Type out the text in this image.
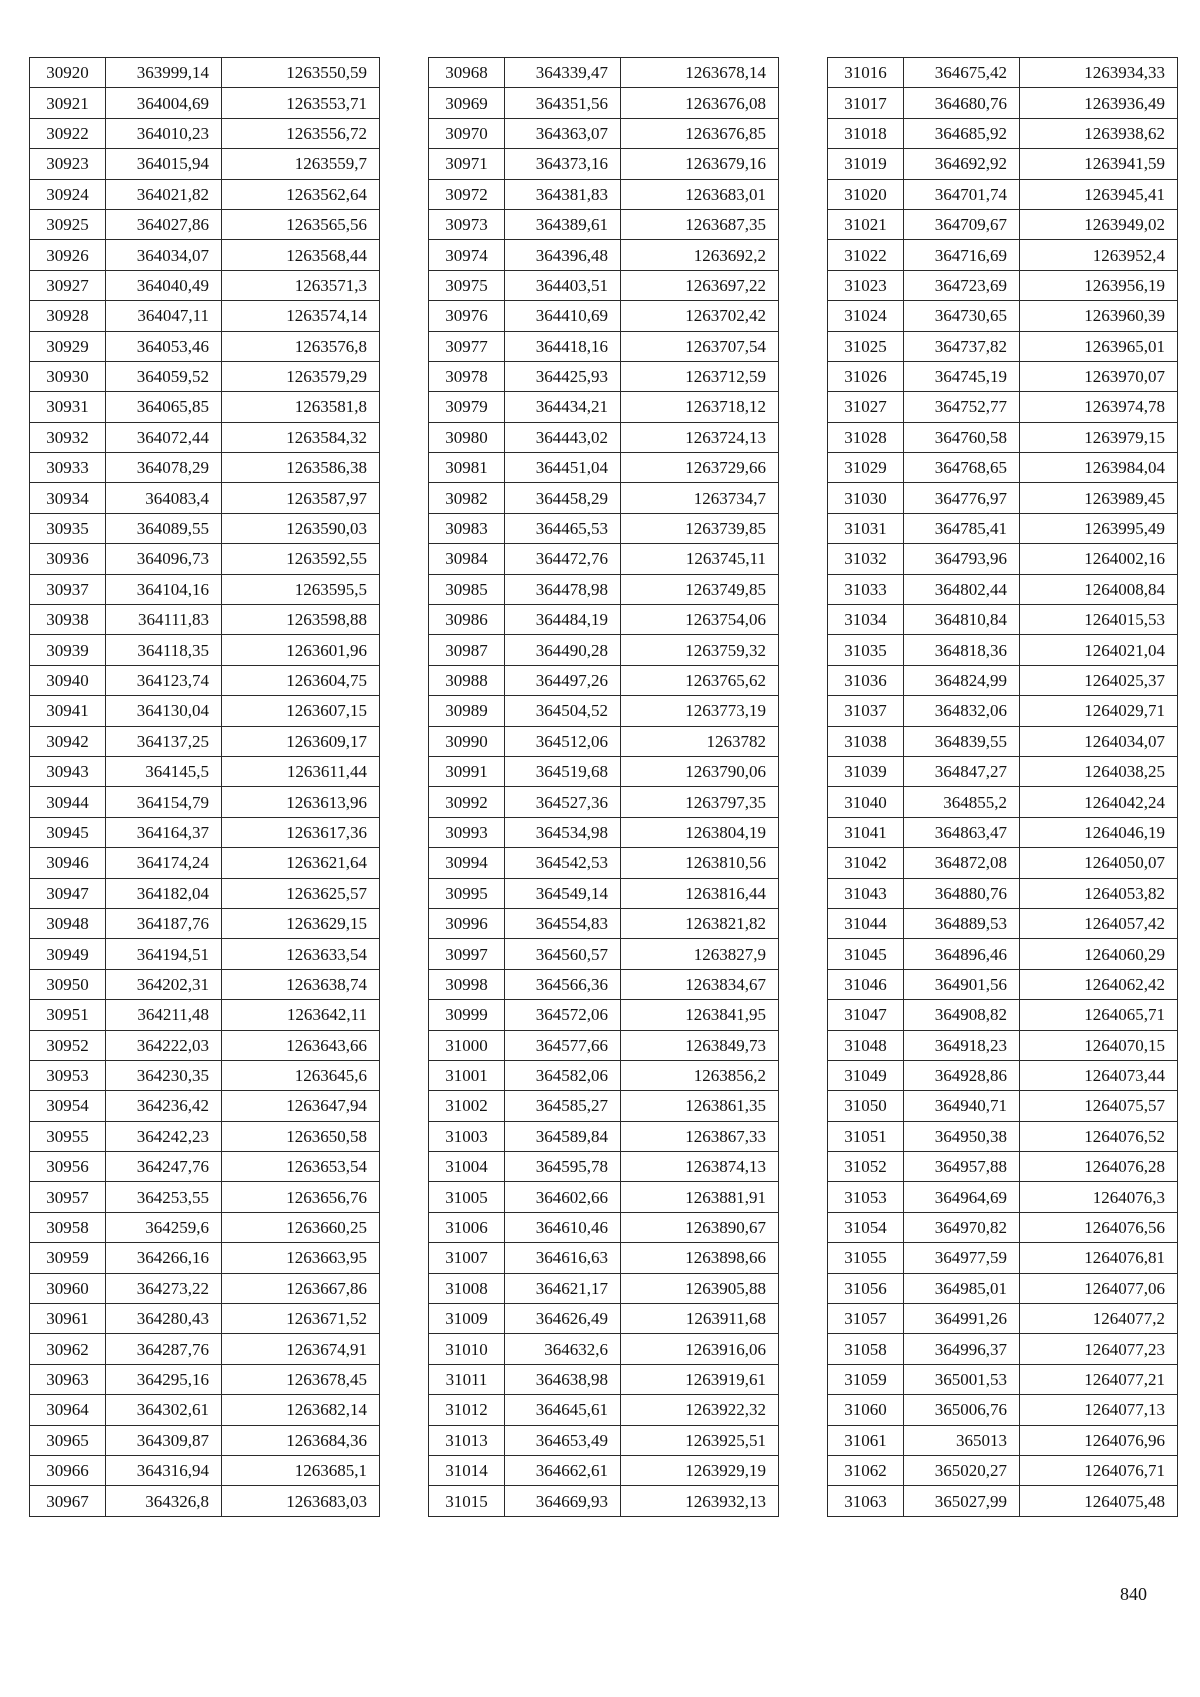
30920	363999,14	1263550,59
30921	364004,69	1263553,71
30922	364010,23	1263556,72
30923	364015,94	1263559,7
30924	364021,82	1263562,64
30925	364027,86	1263565,56
30926	364034,07	1263568,44
30927	364040,49	1263571,3
30928	364047,11	1263574,14
30929	364053,46	1263576,8
30930	364059,52	1263579,29
30931	364065,85	1263581,8
30932	364072,44	1263584,32
30933	364078,29	1263586,38
30934	364083,4	1263587,97
30935	364089,55	1263590,03
30936	364096,73	1263592,55
30937	364104,16	1263595,5
30938	364111,83	1263598,88
30939	364118,35	1263601,96
30940	364123,74	1263604,75
30941	364130,04	1263607,15
30942	364137,25	1263609,17
30943	364145,5	1263611,44
30944	364154,79	1263613,96
30945	364164,37	1263617,36
30946	364174,24	1263621,64
30947	364182,04	1263625,57
30948	364187,76	1263629,15
30949	364194,51	1263633,54
30950	364202,31	1263638,74
30951	364211,48	1263642,11
30952	364222,03	1263643,66
30953	364230,35	1263645,6
30954	364236,42	1263647,94
30955	364242,23	1263650,58
30956	364247,76	1263653,54
30957	364253,55	1263656,76
30958	364259,6	1263660,25
30959	364266,16	1263663,95
30960	364273,22	1263667,86
30961	364280,43	1263671,52
30962	364287,76	1263674,91
30963	364295,16	1263678,45
30964	364302,61	1263682,14
30965	364309,87	1263684,36
30966	364316,94	1263685,1
30967	364326,8	1263683,03
30968	364339,47	1263678,14
30969	364351,56	1263676,08
30970	364363,07	1263676,85
30971	364373,16	1263679,16
30972	364381,83	1263683,01
30973	364389,61	1263687,35
30974	364396,48	1263692,2
30975	364403,51	1263697,22
30976	364410,69	1263702,42
30977	364418,16	1263707,54
30978	364425,93	1263712,59
30979	364434,21	1263718,12
30980	364443,02	1263724,13
30981	364451,04	1263729,66
30982	364458,29	1263734,7
30983	364465,53	1263739,85
30984	364472,76	1263745,11
30985	364478,98	1263749,85
30986	364484,19	1263754,06
30987	364490,28	1263759,32
30988	364497,26	1263765,62
30989	364504,52	1263773,19
30990	364512,06	1263782
30991	364519,68	1263790,06
30992	364527,36	1263797,35
30993	364534,98	1263804,19
30994	364542,53	1263810,56
30995	364549,14	1263816,44
30996	364554,83	1263821,82
30997	364560,57	1263827,9
30998	364566,36	1263834,67
30999	364572,06	1263841,95
31000	364577,66	1263849,73
31001	364582,06	1263856,2
31002	364585,27	1263861,35
31003	364589,84	1263867,33
31004	364595,78	1263874,13
31005	364602,66	1263881,91
31006	364610,46	1263890,67
31007	364616,63	1263898,66
31008	364621,17	1263905,88
31009	364626,49	1263911,68
31010	364632,6	1263916,06
31011	364638,98	1263919,61
31012	364645,61	1263922,32
31013	364653,49	1263925,51
31014	364662,61	1263929,19
31015	364669,93	1263932,13
31016	364675,42	1263934,33
31017	364680,76	1263936,49
31018	364685,92	1263938,62
31019	364692,92	1263941,59
31020	364701,74	1263945,41
31021	364709,67	1263949,02
31022	364716,69	1263952,4
31023	364723,69	1263956,19
31024	364730,65	1263960,39
31025	364737,82	1263965,01
31026	364745,19	1263970,07
31027	364752,77	1263974,78
31028	364760,58	1263979,15
31029	364768,65	1263984,04
31030	364776,97	1263989,45
31031	364785,41	1263995,49
31032	364793,96	1264002,16
31033	364802,44	1264008,84
31034	364810,84	1264015,53
31035	364818,36	1264021,04
31036	364824,99	1264025,37
31037	364832,06	1264029,71
31038	364839,55	1264034,07
31039	364847,27	1264038,25
31040	364855,2	1264042,24
31041	364863,47	1264046,19
31042	364872,08	1264050,07
31043	364880,76	1264053,82
31044	364889,53	1264057,42
31045	364896,46	1264060,29
31046	364901,56	1264062,42
31047	364908,82	1264065,71
31048	364918,23	1264070,15
31049	364928,86	1264073,44
31050	364940,71	1264075,57
31051	364950,38	1264076,52
31052	364957,88	1264076,28
31053	364964,69	1264076,3
31054	364970,82	1264076,56
31055	364977,59	1264076,81
31056	364985,01	1264077,06
31057	364991,26	1264077,2
31058	364996,37	1264077,23
31059	365001,53	1264077,21
31060	365006,76	1264077,13
31061	365013	1264076,96
31062	365020,27	1264076,71
31063	365027,99	1264075,48
840
